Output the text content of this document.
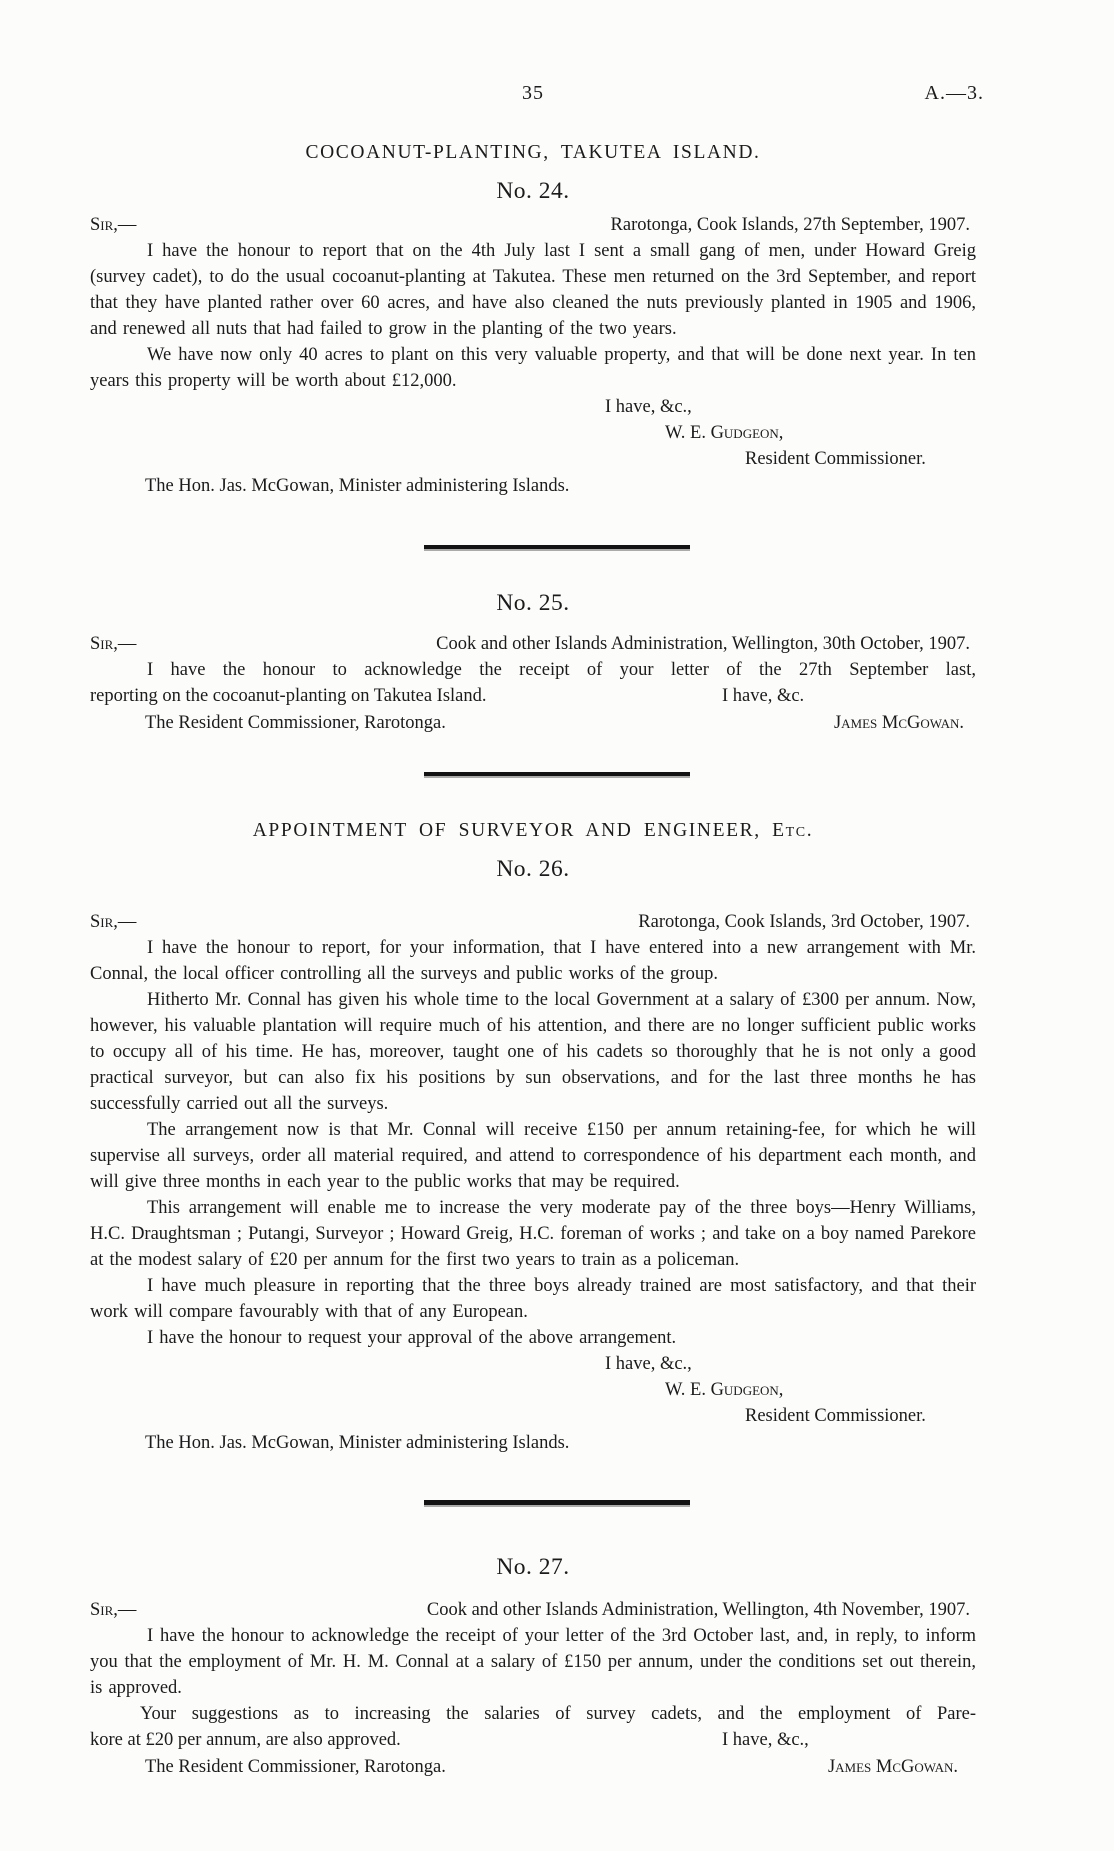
35	A.—3.
COCOANUT-PLANTING, TAKUTEA ISLAND.
No. 24.
Sir,—	Rarotonga, Cook Islands, 27th September, 1907.

I have the honour to report that on the 4th July last I sent a small gang of men, under Howard Greig (survey cadet), to do the usual cocoanut-planting at Takutea. These men returned on the 3rd September, and report that they have planted rather over 60 acres, and have also cleaned the nuts previously planted in 1905 and 1906, and renewed all nuts that had failed to grow in the planting of the two years.

We have now only 40 acres to plant on this very valuable property, and that will be done next year. In ten years this property will be worth about £12,000.

I have, &c.,
W. E. Gudgeon,
Resident Commissioner.
The Hon. Jas. McGowan, Minister administering Islands.
No. 25.
Sir,—	Cook and other Islands Administration, Wellington, 30th October, 1907.
I have the honour to acknowledge the receipt of your letter of the 27th September last,
reporting on the cocoanut-planting on Takutea Island.	I have, &c.
The Resident Commissioner, Rarotonga.	James McGowan.
APPOINTMENT OF SURVEYOR AND ENGINEER, Etc.
No. 26.
Sir,—	Rarotonga, Cook Islands, 3rd October, 1907.

I have the honour to report, for your information, that I have entered into a new arrangement with Mr. Connal, the local officer controlling all the surveys and public works of the group.

Hitherto Mr. Connal has given his whole time to the local Government at a salary of £300 per annum. Now, however, his valuable plantation will require much of his attention, and there are no longer sufficient public works to occupy all of his time. He has, moreover, taught one of his cadets so thoroughly that he is not only a good practical surveyor, but can also fix his positions by sun observations, and for the last three months he has successfully carried out all the surveys.

The arrangement now is that Mr. Connal will receive £150 per annum retaining-fee, for which he will supervise all surveys, order all material required, and attend to correspondence of his department each month, and will give three months in each year to the public works that may be required.

This arrangement will enable me to increase the very moderate pay of the three boys—Henry Williams, H.C. Draughtsman ; Putangi, Surveyor ; Howard Greig, H.C. foreman of works ; and take on a boy named Parekore at the modest salary of £20 per annum for the first two years to train as a policeman.

I have much pleasure in reporting that the three boys already trained are most satisfactory, and that their work will compare favourably with that of any European.

I have the honour to request your approval of the above arrangement.

I have, &c.,
W. E. Gudgeon,
Resident Commissioner.
The Hon. Jas. McGowan, Minister administering Islands.
No. 27.
Sir,—	Cook and other Islands Administration, Wellington, 4th November, 1907.

I have the honour to acknowledge the receipt of your letter of the 3rd October last, and, in reply, to inform you that the employment of Mr. H. M. Connal at a salary of £150 per annum, under the conditions set out therein, is approved.

Your suggestions as to increasing the salaries of survey cadets, and the employment of Pare-
kore at £20 per annum, are also approved.	I have, &c.,
The Resident Commissioner, Rarotonga.	James McGowan.
